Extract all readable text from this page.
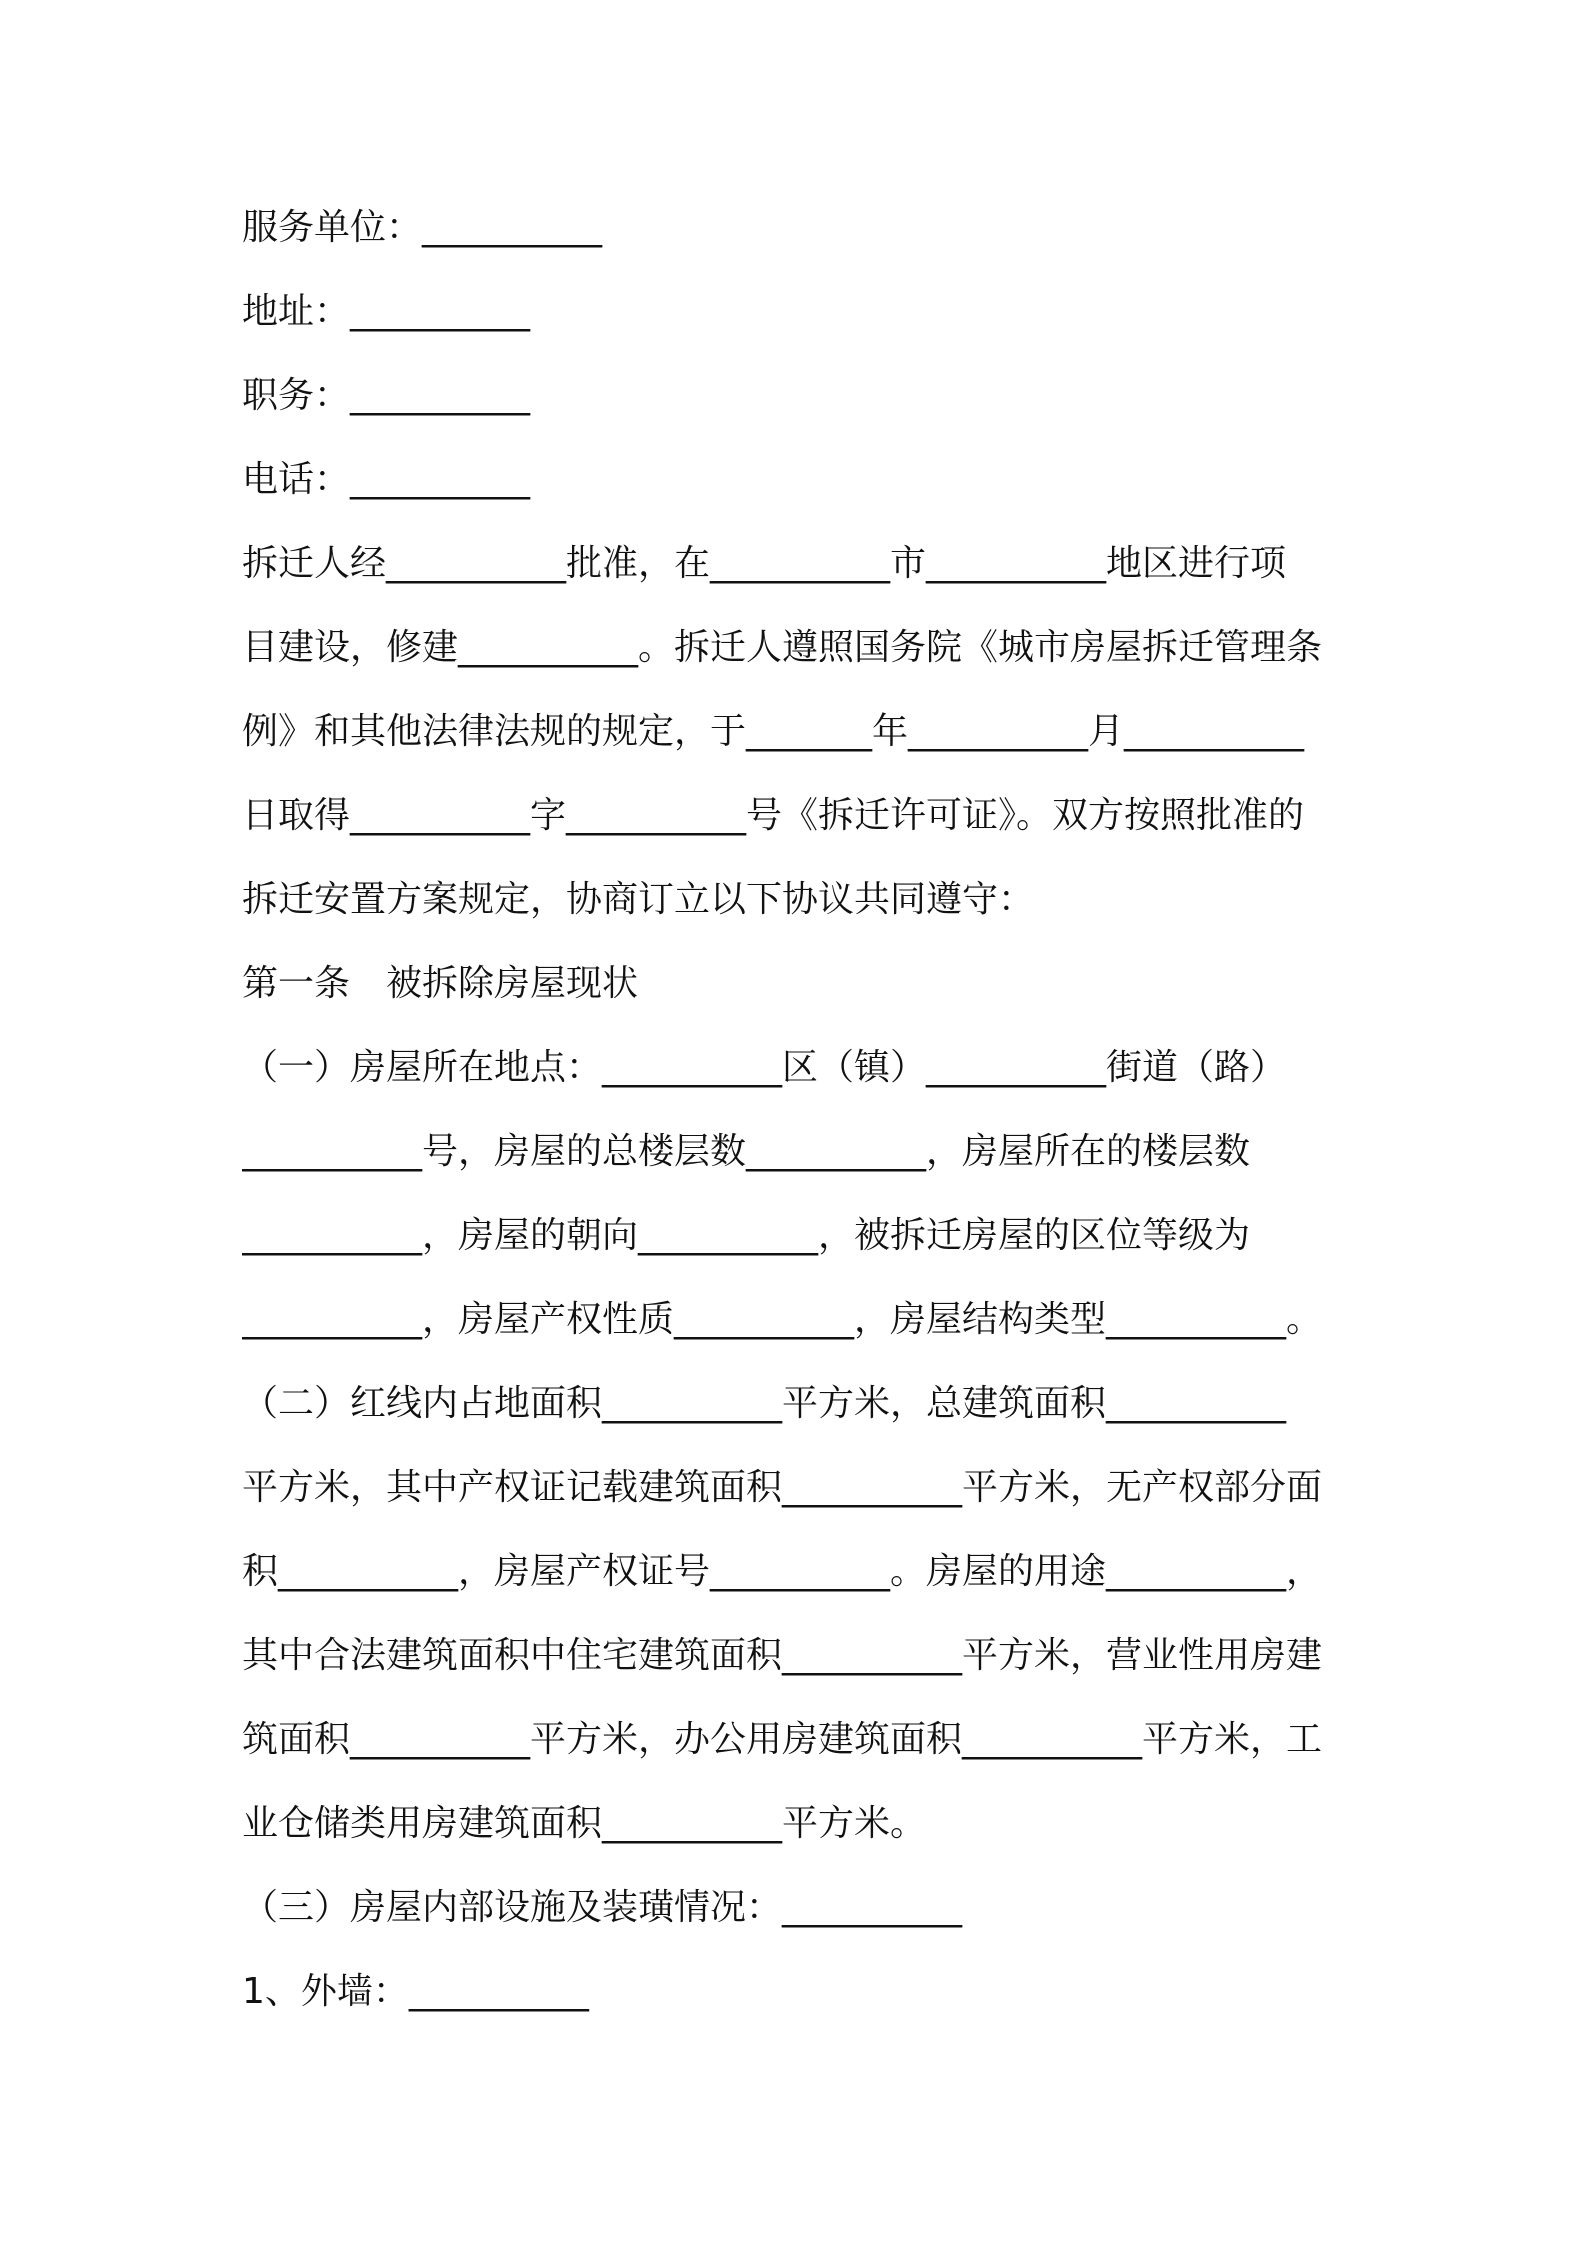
服务单位：__________
地址：__________
职务：__________
电话：__________
拆迁人经__________批准，在__________市__________地区进行项
目建设，修建__________。拆迁人遵照国务院《城市房屋拆迁管理条
例》和其他法律法规的规定，于_______年__________月__________
日取得__________字__________号《拆迁许可证》。双方按照批准的
拆迁安置方案规定，协商订立以下协议共同遵守：
第一条　被拆除房屋现状
（一）房屋所在地点：__________区（镇）__________街道（路）
__________号，房屋的总楼层数__________，房屋所在的楼层数
__________，房屋的朝向__________，被拆迁房屋的区位等级为
__________，房屋产权性质__________，房屋结构类型__________。
（二）红线内占地面积__________平方米，总建筑面积__________
平方米，其中产权证记载建筑面积__________平方米，无产权部分面
积__________，房屋产权证号__________。房屋的用途__________，
其中合法建筑面积中住宅建筑面积__________平方米，营业性用房建
筑面积__________平方米，办公用房建筑面积__________平方米，工
业仓储类用房建筑面积__________平方米。
（三）房屋内部设施及装璜情况：__________
1、外墙：__________
